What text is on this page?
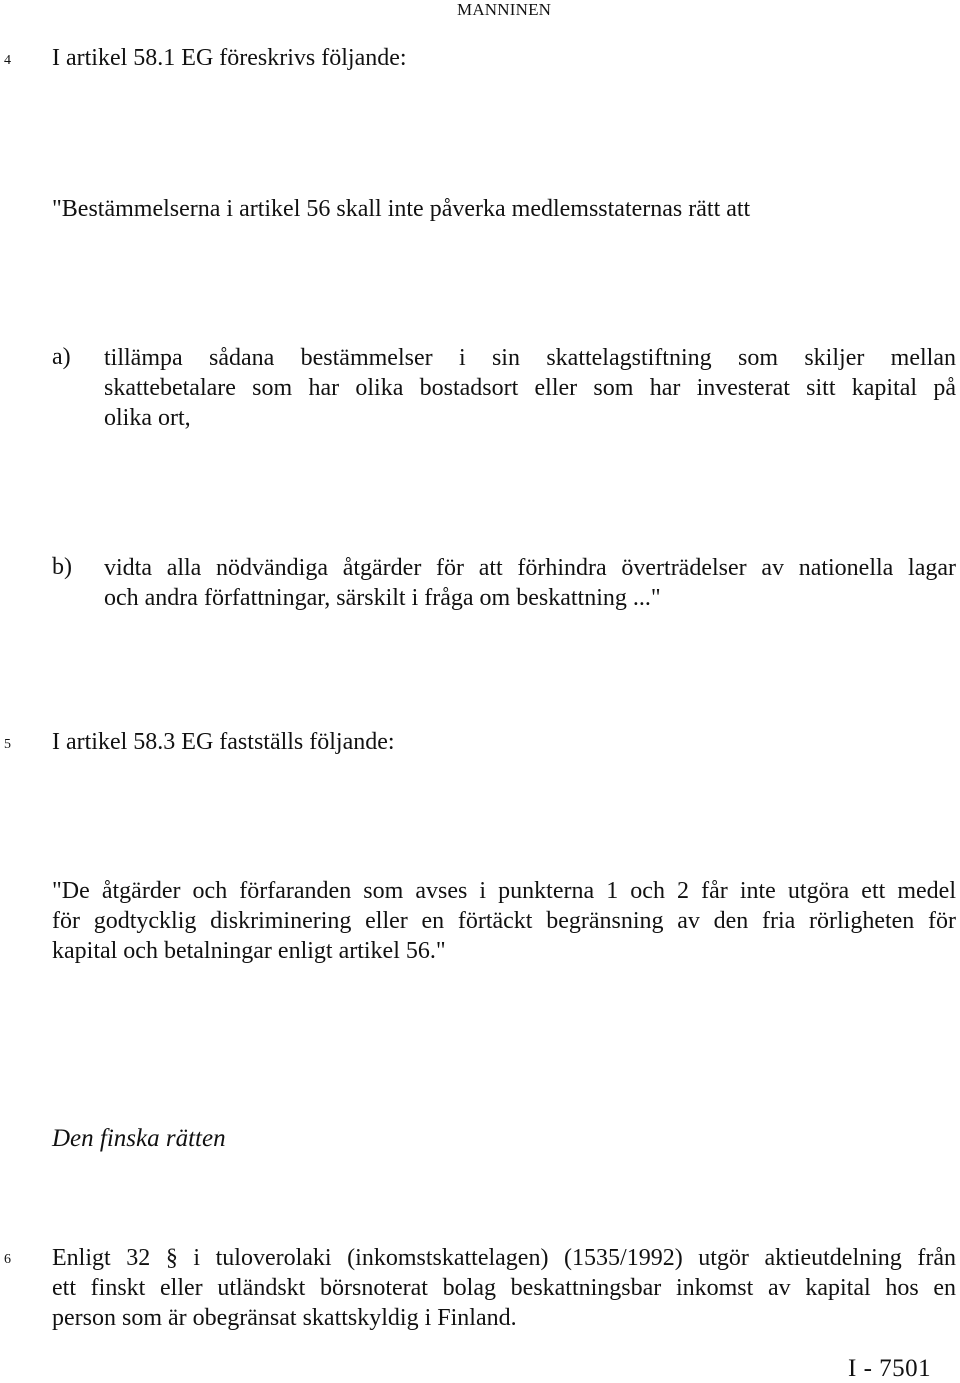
MANNINEN
4 I artikel 58.1 EG föreskrivs följande:
"Bestämmelserna i artikel 56 skall inte påverka medlemsstaternas rätt att
a) tillämpa sådana bestämmelser i sin skattelagstiftning som skiljer mellan
skattebetalare som har olika bostadsort eller som har investerat sitt kapital på
olika ort,
b) vidta alla nödvändiga åtgärder för att förhindra överträdelser av nationella lagar
och andra författningar, särskilt i fråga om beskattning ..."
5 I artikel 58.3 EG fastställs följande:
"De åtgärder och förfaranden som avses i punkterna 1 och 2 får inte utgöra ett medel
för godtycklig diskriminering eller en förtäckt begränsning av den fria rörligheten för
kapital och betalningar enligt artikel 56."
Den finska rätten
6 Enligt 32 § i tuloverolaki (inkomstskattelagen) (1535/1992) utgör aktieutdelning från
ett finskt eller utländskt börsnoterat bolag beskattningsbar inkomst av kapital hos en
person som är obegränsat skattskyldig i Finland.
I - 7501
